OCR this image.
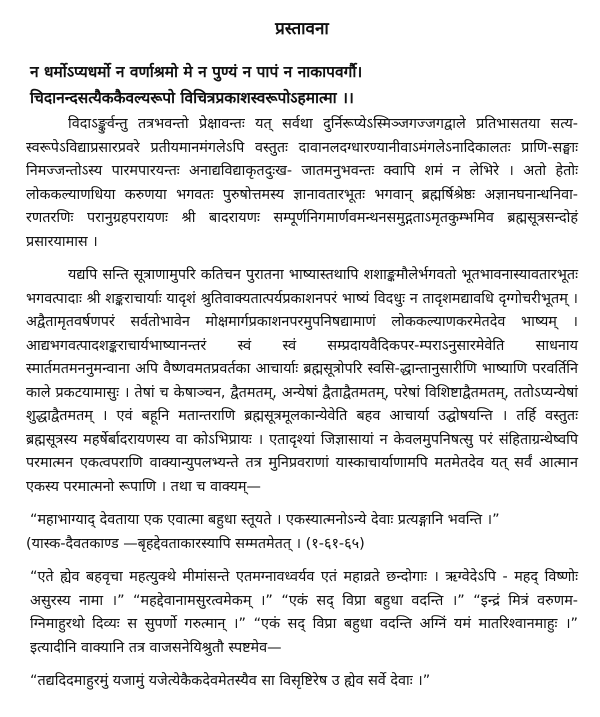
प्रस्तावना
न धर्मोऽप्यधर्मो न वर्णाश्रमो मे न पुण्यं न पापं न नाकापवर्गौ।
चिदानन्दसत्यैककैवल्यरूपो विचित्रप्रकाशस्वरूपोऽहमात्मा ।।

विदाऽङ्कुर्वन्तु तत्रभवन्तो प्रेक्षावन्तः यत् सर्वथा दुर्निरूप्येऽस्मिञ्जगज्जगद्वाले प्रतिभासतया सत्य-स्वरूपेऽविद्याप्रसारप्रवरे प्रतीयमानमंगलेऽपि वस्तुतः दावानलदग्धारण्यानीवाऽमंगलेऽनादिकालतः प्राणि-सङ्घाः निमज्जन्तोऽस्य पारमपारयन्तः अनाद्यविद्याकृतदुःख- जातमनुभवन्तः क्वापि शमं न लेभिरे । अतो हेतोः लोककल्याणधिया करुणया भगवतः पुरुषोत्तमस्य ज्ञानावतारभूतः भगवान् ब्रह्मर्षिश्रेष्ठः अज्ञानघनान्धनिवा-रणतरणिः परानुग्रहपरायणः श्री बादरायणः सम्पूर्णनिगमार्णवमन्थनसमुद्गताऽमृतकुम्भमिव ब्रह्मसूत्रसन्दोहं प्रसारयामास ।

यद्यपि सन्ति सूत्राणामुपरि कतिचन पुरातना भाष्यास्तथापि शशाङ्कमौलेर्भगवतो भूतभावनास्यावतारभूतः भगवत्पादाः श्री शङ्कराचार्याः यादृशं श्रुतिवाक्यतात्पर्यप्रकाशनपरं भाष्यं विदधुः न तादृशमद्यावधि दृग्गोचरीभूतम् । अद्वैतामृतवर्षणपरं सर्वतोभावेन मोक्षमार्गप्रकाशनपरमुपनिषद्यामाणं लोककल्याणकरमेतदेव भाष्यम् । आद्यभगवत्पादशङ्कराचार्यभाष्यानन्तरं स्वं स्वं सम्प्रदायवैदिकपर-म्पराऽनुसारमेवेति साधनाय स्मार्तमतमननुमन्वाना अपि वैष्णवमतप्रवर्तका आचार्याः ब्रह्मसूत्रोपरि स्वसि-द्धान्तानुसारीणि भाष्याणि परवर्तिनि काले प्रकटयामासुः । तेषां च केषाञ्चन, द्वैतमतम्, अन्येषां द्वैताद्वैतमतम्, परेषां विशिष्टाद्वैतमतम्, ततोऽप्यन्येषां शुद्धाद्वैतमतम् । एवं बहूनि मतान्तराणि ब्रह्मसूत्रमूलकान्येवेति बहव आचार्या उद्घोषयन्ति । तर्हि वस्तुतः ब्रह्मसूत्रस्य महर्षेर्बादरायणस्य वा कोऽभिप्रायः । एतादृश्यां जिज्ञासायां न केवलमुपनिषत्सु परं संहिताग्रन्थेष्वपि परमात्मन एकत्वपराणि वाक्यान्युपलभ्यन्ते तत्र मुनिप्रवराणां यास्काचार्याणामपि मतमेतदेव यत् सर्वं आत्मान एकस्य परमात्मनो रूपाणि । तथा च वाक्यम्—

“महाभाग्याद् देवताया एक एवात्मा बहुधा स्तूयते । एकस्यात्मनोऽन्ये देवाः प्रत्यङ्गानि भवन्ति ।”

(यास्क-दैवतकाण्ड —बृहद्देवताकारस्यापि सम्मतमेतत् । (१-६१-६५)

“एते ह्येव बहवृचा महत्युक्थे मीमांसन्ते एतमग्नावध्वर्यव एतं महाव्रते छन्दोगाः । ऋग्वेदेऽपि - महद् विष्णोः असुरस्य नामा ।” “महद्देवानामसुरत्वमेकम् ।” “एकं सद् विप्रा बहुधा वदन्ति ।” “इन्द्रं मित्रं वरुणम-ग्निमाहुरथो दिव्यः स सुपर्णो गरुत्मान् ।” “एकं सद् विप्रा बहुधा वदन्ति अग्निं यमं मातरिश्वानमाहुः ।” इत्यादीनि वाक्यानि तत्र वाजसनेयिश्रुतौ स्पष्टमेव—

“तद्यदिदमाहुरमुं यजामुं यजेत्येकैकदेवमेतस्यैव सा विसृष्टिरेष उ ह्येव सर्वे देवाः ।”
